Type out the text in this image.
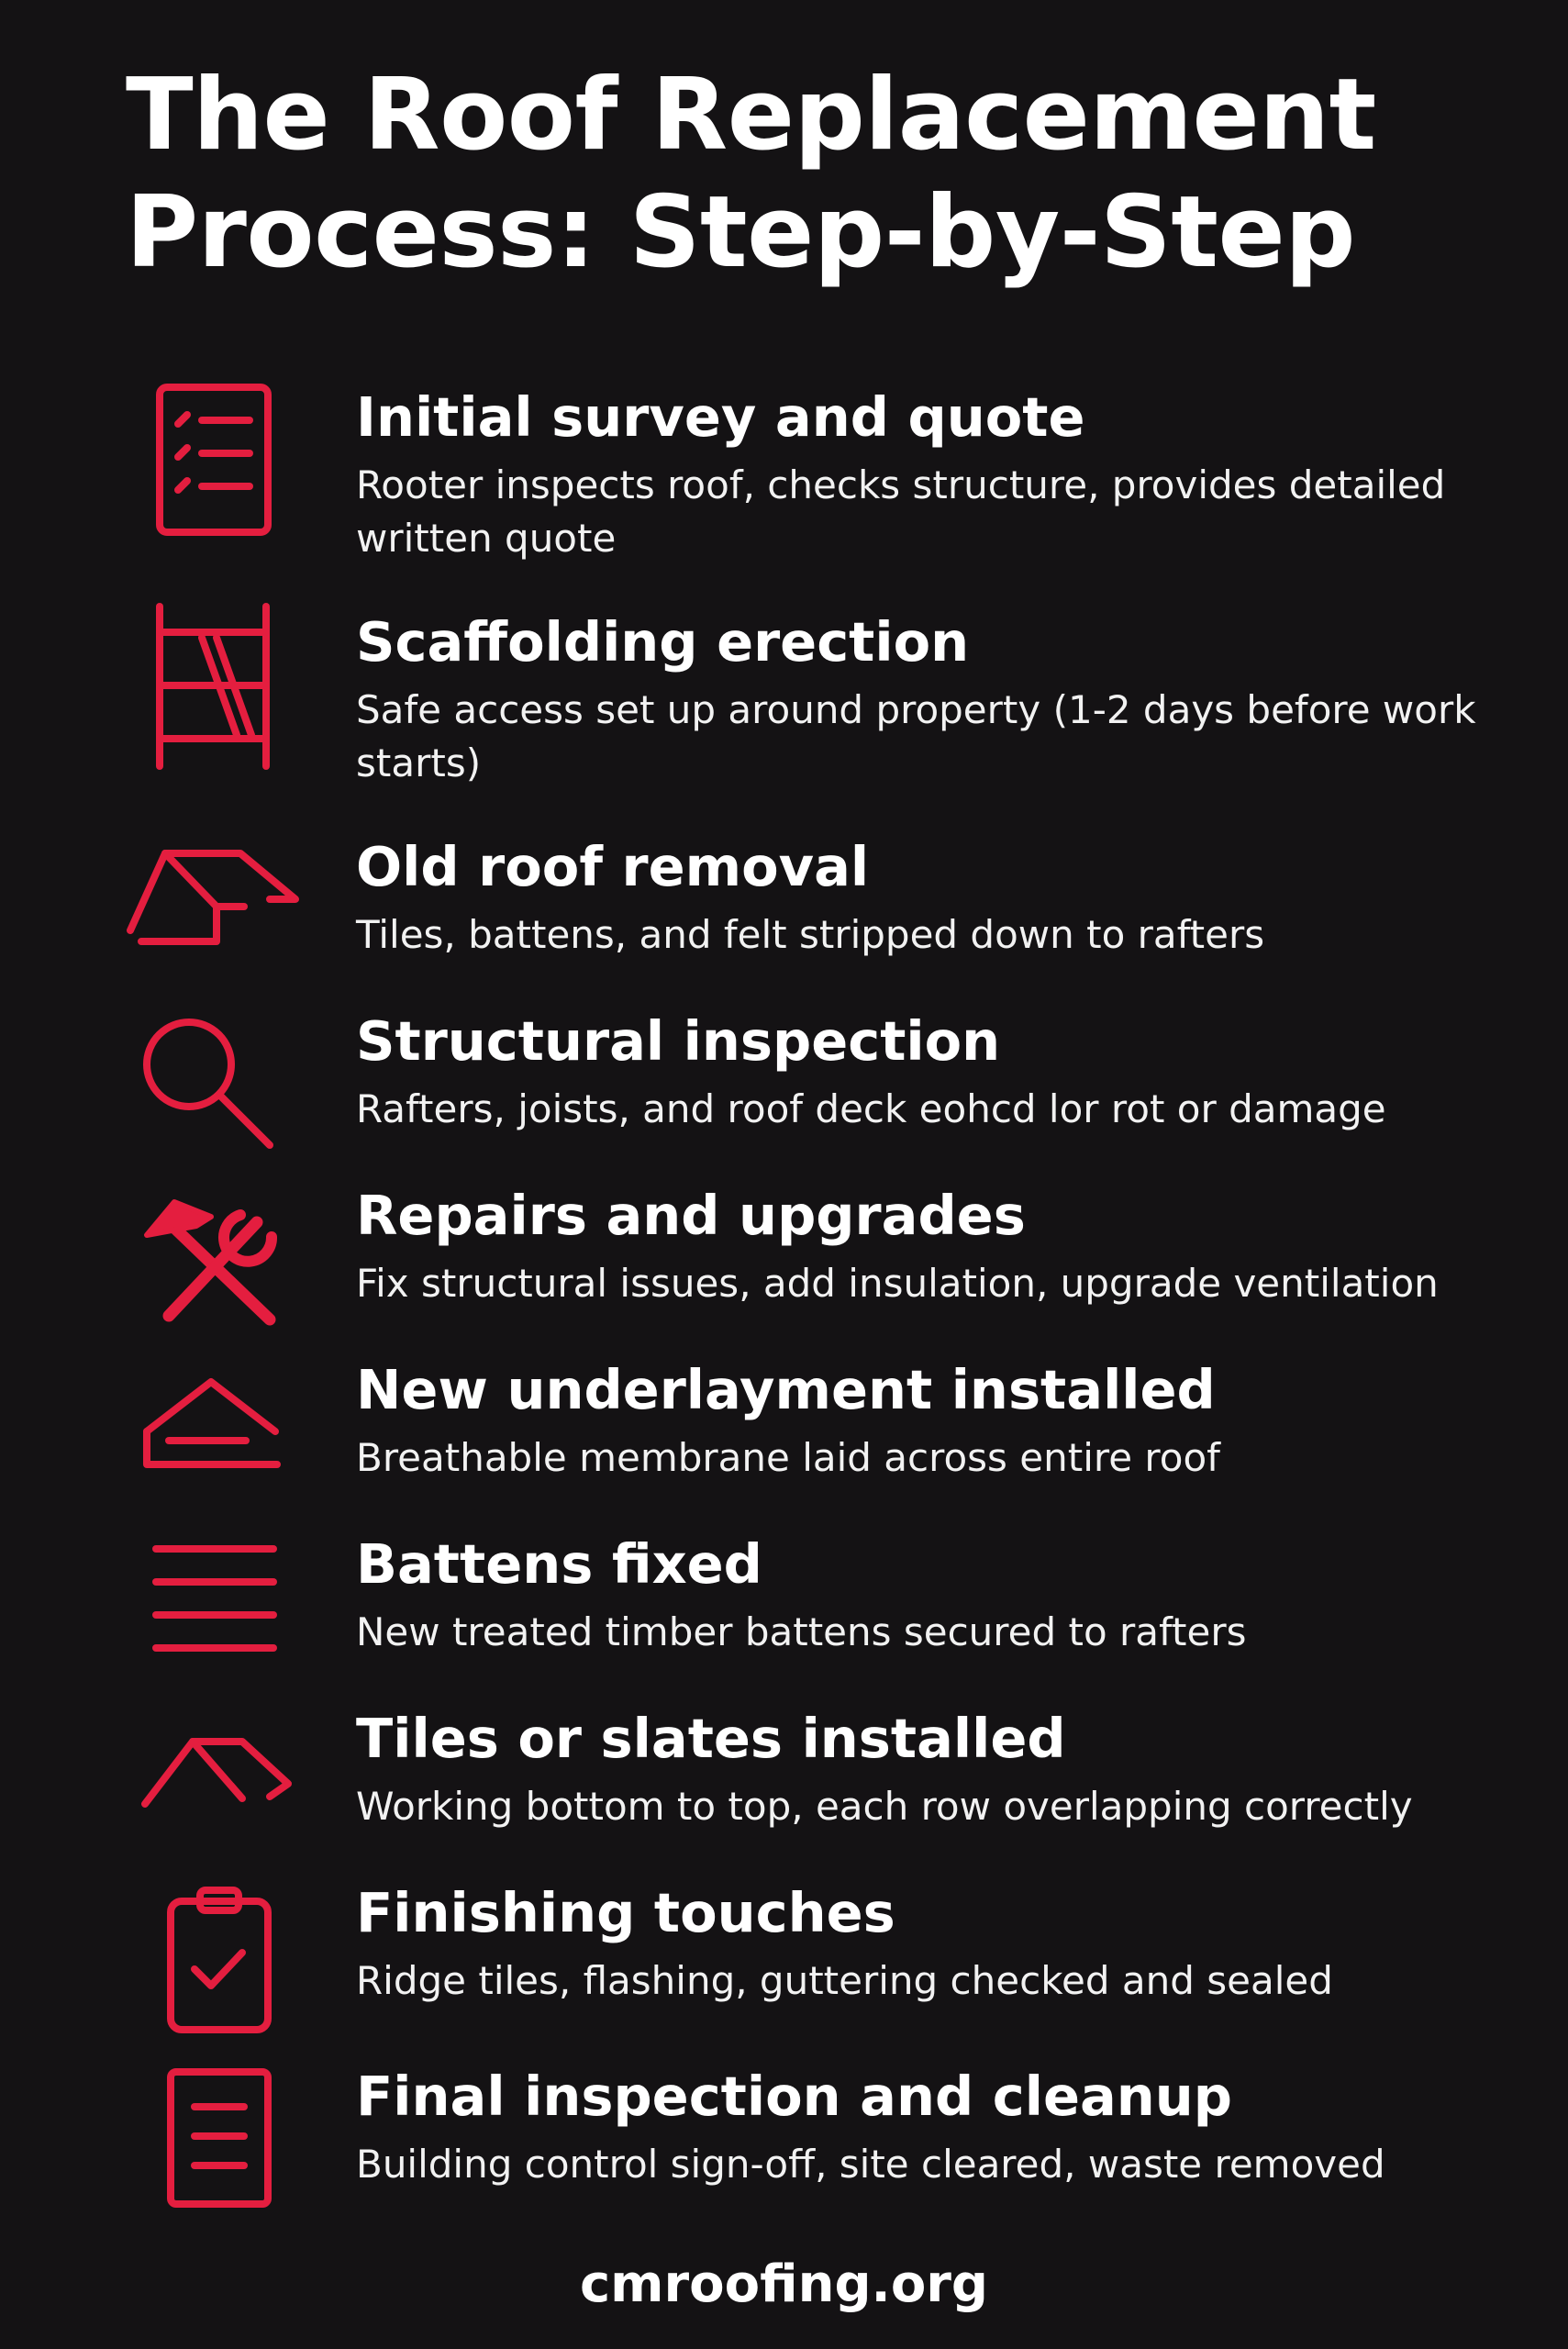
The Roof Replacement
Process: Step-by-Step
Initial survey and quote
Rooter inspects roof, checks structure, provides detailed written quote
Scaffolding erection
Safe access set up around property (1-2 days before work starts)
Old roof removal
Tiles, battens, and felt stripped down to rafters
Structural inspection
Rafters, joists, and roof deck eohcd lor rot or damage
Repairs and upgrades
Fix structural issues, add insulation, upgrade ventilation
New underlayment installed
Breathable membrane laid across entire roof
Battens fixed
New treated timber battens secured to rafters
Tiles or slates installed
Working bottom to top, each row overlapping correctly
Finishing touches
Ridge tiles, flashing, guttering checked and sealed
Final inspection and cleanup
Building control sign-off, site cleared, waste removed
cmroofing.org
